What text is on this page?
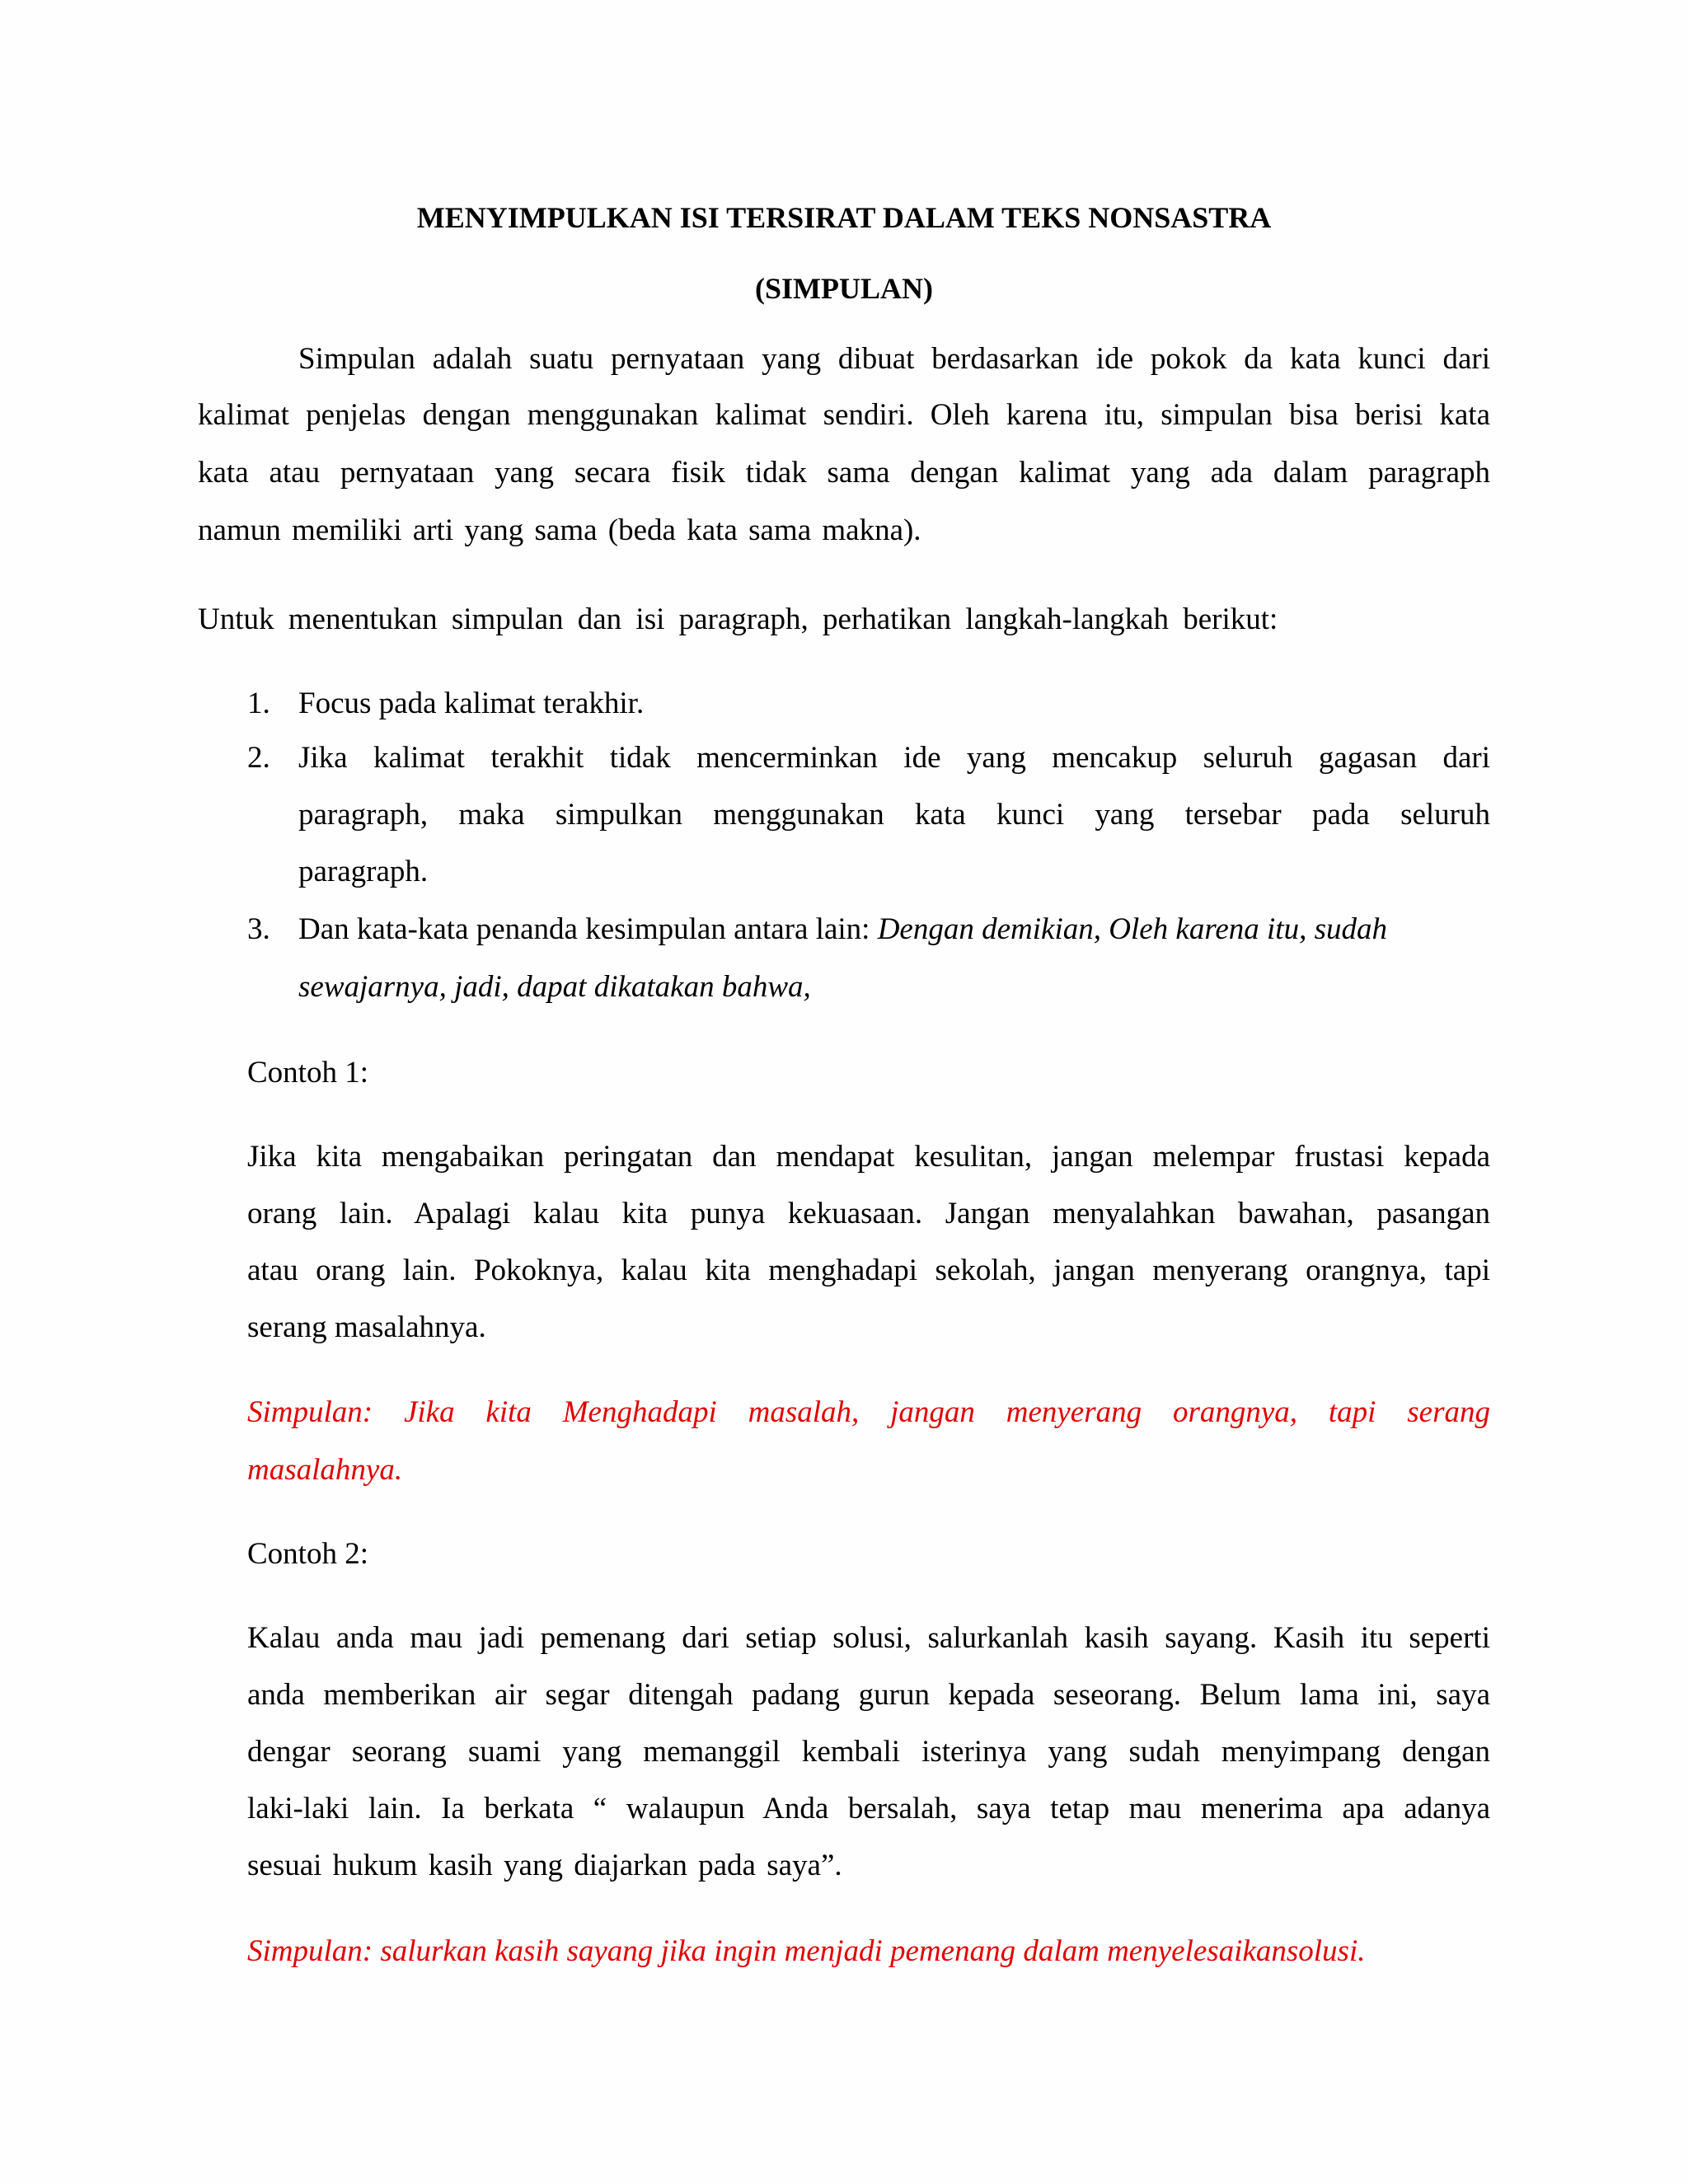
MENYIMPULKAN ISI TERSIRAT DALAM TEKS NONSASTRA
(SIMPULAN)

Simpulan adalah suatu pernyataan yang dibuat berdasarkan ide pokok da kata kunci dari

kalimat penjelas dengan menggunakan kalimat sendiri. Oleh karena itu, simpulan bisa berisi kata

kata atau pernyataan yang secara fisik tidak sama dengan kalimat yang ada dalam paragraph

namun memiliki arti yang sama (beda kata sama makna).

Untuk menentukan simpulan dan isi paragraph, perhatikan langkah-langkah berikut:

1. Focus pada kalimat terakhir.

2. Jika kalimat terakhit tidak mencerminkan ide yang mencakup seluruh gagasan dari

paragraph, maka simpulkan menggunakan kata kunci yang tersebar pada seluruh

paragraph.

3. Dan kata-kata penanda kesimpulan antara lain: Dengan demikian, Oleh karena itu, sudah

sewajarnya, jadi, dapat dikatakan bahwa,

Contoh 1:

Jika kita mengabaikan peringatan dan mendapat kesulitan, jangan melempar frustasi kepada

orang lain. Apalagi kalau kita punya kekuasaan. Jangan menyalahkan bawahan, pasangan

atau orang lain. Pokoknya, kalau kita menghadapi sekolah, jangan menyerang orangnya, tapi

serang masalahnya.

Simpulan: Jika kita Menghadapi masalah, jangan menyerang orangnya, tapi serang

masalahnya.

Contoh 2:

Kalau anda mau jadi pemenang dari setiap solusi, salurkanlah kasih sayang. Kasih itu seperti

anda memberikan air segar ditengah padang gurun kepada seseorang. Belum lama ini, saya

dengar seorang suami yang memanggil kembali isterinya yang sudah menyimpang dengan

laki-laki lain. Ia berkata “ walaupun Anda bersalah, saya tetap mau menerima apa adanya

sesuai hukum kasih yang diajarkan pada saya”.

Simpulan: salurkan kasih sayang jika ingin menjadi pemenang dalam menyelesaikansolusi.
